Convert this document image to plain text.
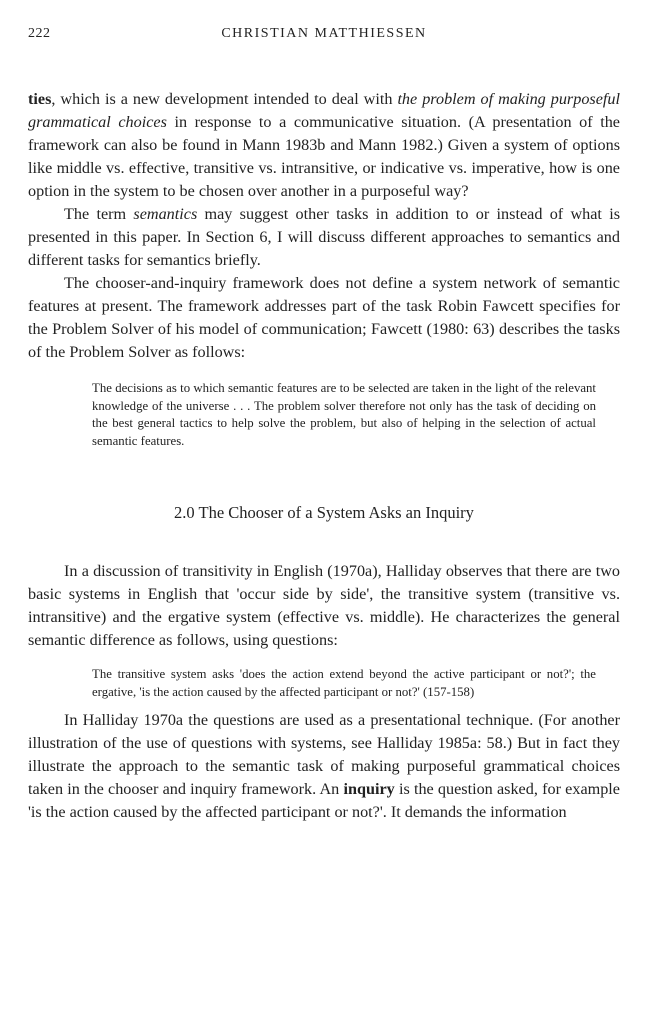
222	CHRISTIAN MATTHIESSEN

ties, which is a new development intended to deal with the problem of making purposeful grammatical choices in response to a communicative situation. (A presentation of the framework can also be found in Mann 1983b and Mann 1982.) Given a system of options like middle vs. effective, transitive vs. intransitive, or indicative vs. imperative, how is one option in the system to be chosen over another in a purposeful way?

The term semantics may suggest other tasks in addition to or instead of what is presented in this paper. In Section 6, I will discuss different approaches to semantics and different tasks for semantics briefly.

The chooser-and-inquiry framework does not define a system network of semantic features at present. The framework addresses part of the task Robin Fawcett specifies for the Problem Solver of his model of communication; Fawcett (1980: 63) describes the tasks of the Problem Solver as follows:

The decisions as to which semantic features are to be selected are taken in the light of the relevant knowledge of the universe . . . The problem solver therefore not only has the task of deciding on the best general tactics to help solve the problem, but also of helping in the selection of actual semantic features.
2.0 The Chooser of a System Asks an Inquiry

In a discussion of transitivity in English (1970a), Halliday observes that there are two basic systems in English that 'occur side by side', the transitive system (transitive vs. intransitive) and the ergative system (effective vs. middle). He characterizes the general semantic difference as follows, using questions:

The transitive system asks 'does the action extend beyond the active participant or not?'; the ergative, 'is the action caused by the affected participant or not?' (157-158)

In Halliday 1970a the questions are used as a presentational technique. (For another illustration of the use of questions with systems, see Halliday 1985a: 58.) But in fact they illustrate the approach to the semantic task of making purposeful grammatical choices taken in the chooser and inquiry framework. An inquiry is the question asked, for example 'is the action caused by the affected participant or not?'. It demands the information
